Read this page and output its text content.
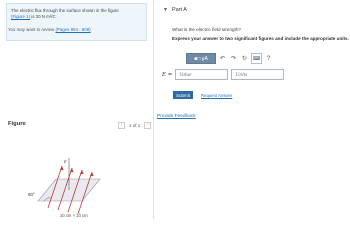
The electric flux through the surface shown in the figure
(Figure 1) is 30 N m²/C .

You may want to review (Pages 904 - 908)
Figure	‹	1 of 1	›
60°
E⃗
10 cm × 10 cm
▼ Part A
What is the electric field strength?
Express your answer to two significant figures and include the appropriate units.
■□ μA	↶ ↷ ↻	⌨	?
E =
Value
Units
Submit	Request Answer
Provide Feedback
